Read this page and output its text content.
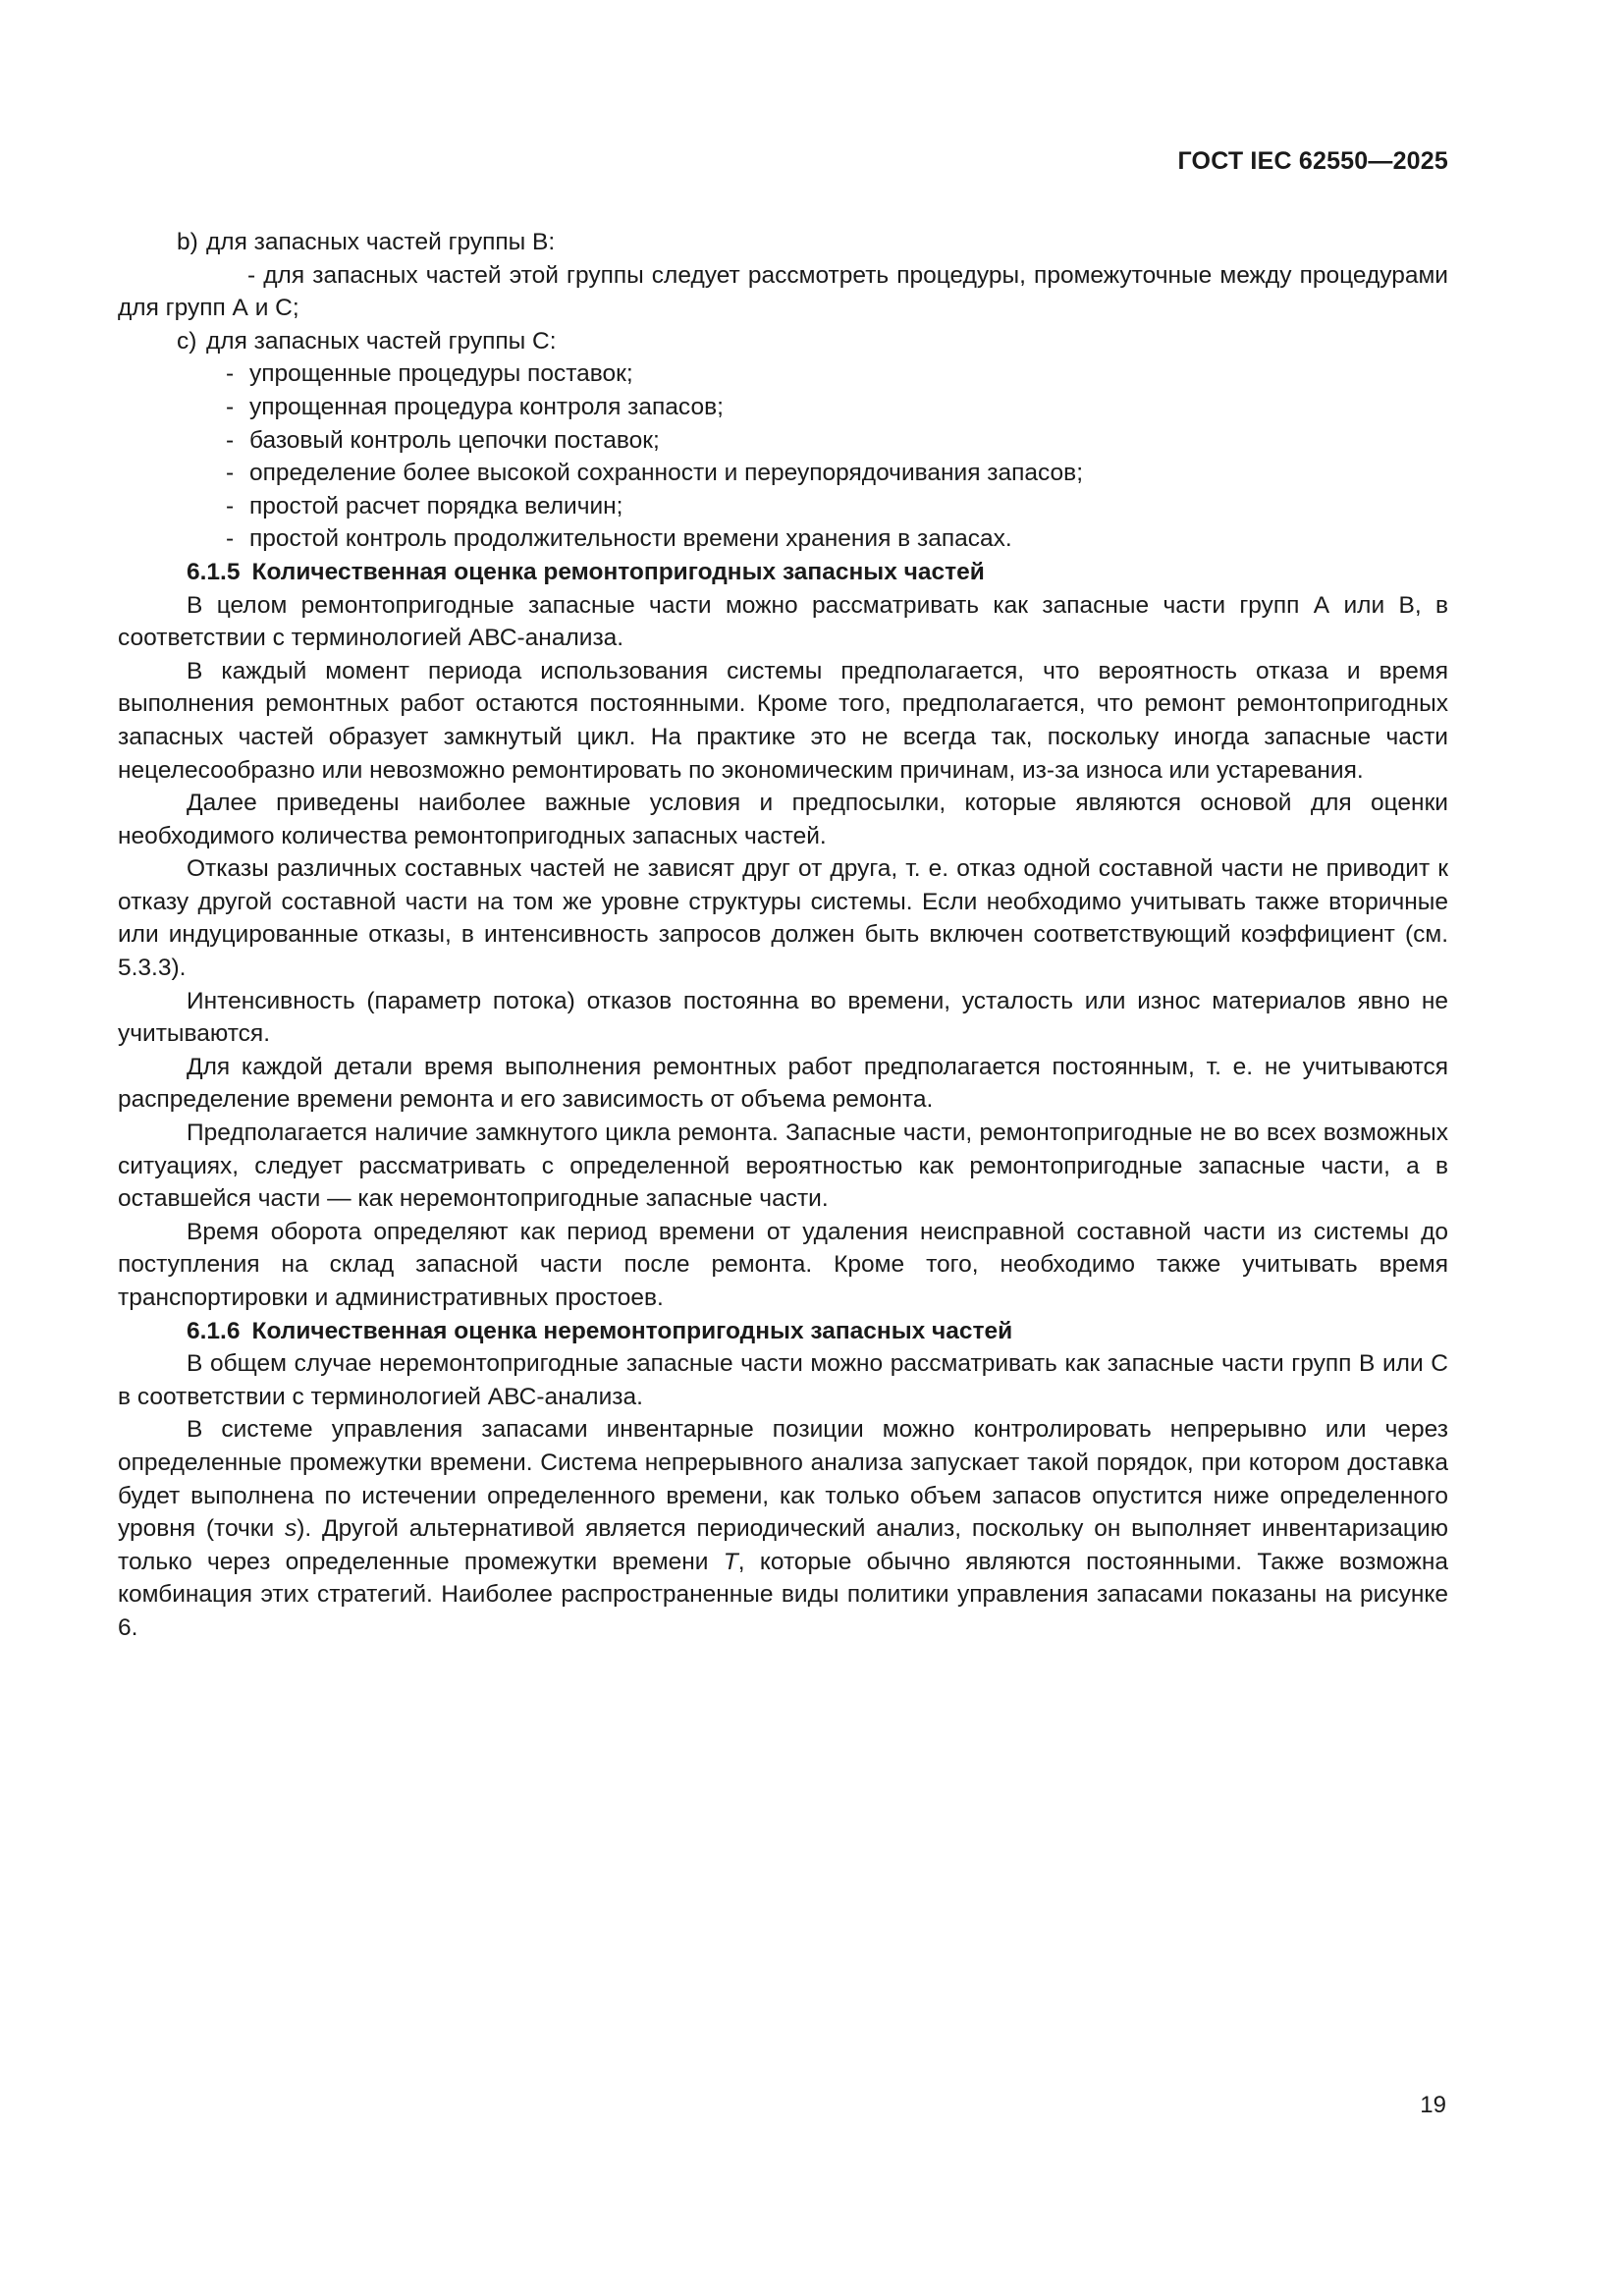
ГОСТ IEC 62550—2025

b) для запасных частей группы В:

- для запасных частей этой группы следует рассмотреть процедуры, промежуточные между процедурами для групп А и С;

c) для запасных частей группы С:

- упрощенные процедуры поставок;

- упрощенная процедура контроля запасов;

- базовый контроль цепочки поставок;

- определение более высокой сохранности и переупорядочивания запасов;

- простой расчет порядка величин;

- простой контроль продолжительности времени хранения в запасах.

6.1.5 Количественная оценка ремонтопригодных запасных частей

В целом ремонтопригодные запасные части можно рассматривать как запасные части групп А или В, в соответствии с терминологией АВС-анализа.

В каждый момент периода использования системы предполагается, что вероятность отказа и время выполнения ремонтных работ остаются постоянными. Кроме того, предполагается, что ремонт ремонтопригодных запасных частей образует замкнутый цикл. На практике это не всегда так, поскольку иногда запасные части нецелесообразно или невозможно ремонтировать по экономическим причинам, из-за износа или устаревания.

Далее приведены наиболее важные условия и предпосылки, которые являются основой для оценки необходимого количества ремонтопригодных запасных частей.

Отказы различных составных частей не зависят друг от друга, т. е. отказ одной составной части не приводит к отказу другой составной части на том же уровне структуры системы. Если необходимо учитывать также вторичные или индуцированные отказы, в интенсивность запросов должен быть включен соответствующий коэффициент (см. 5.3.3).

Интенсивность (параметр потока) отказов постоянна во времени, усталость или износ материалов явно не учитываются.

Для каждой детали время выполнения ремонтных работ предполагается постоянным, т. е. не учитываются распределение времени ремонта и его зависимость от объема ремонта.

Предполагается наличие замкнутого цикла ремонта. Запасные части, ремонтопригодные не во всех возможных ситуациях, следует рассматривать с определенной вероятностью как ремонтопригодные запасные части, а в оставшейся части — как неремонтопригодные запасные части.

Время оборота определяют как период времени от удаления неисправной составной части из системы до поступления на склад запасной части после ремонта. Кроме того, необходимо также учитывать время транспортировки и административных простоев.

6.1.6 Количественная оценка неремонтопригодных запасных частей

В общем случае неремонтопригодные запасные части можно рассматривать как запасные части групп В или С в соответствии с терминологией АВС-анализа.

В системе управления запасами инвентарные позиции можно контролировать непрерывно или через определенные промежутки времени. Система непрерывного анализа запускает такой порядок, при котором доставка будет выполнена по истечении определенного времени, как только объем запасов опустится ниже определенного уровня (точки s). Другой альтернативой является периодический анализ, поскольку он выполняет инвентаризацию только через определенные промежутки времени T, которые обычно являются постоянными. Также возможна комбинация этих стратегий. Наиболее распространенные виды политики управления запасами показаны на рисунке 6.

19
